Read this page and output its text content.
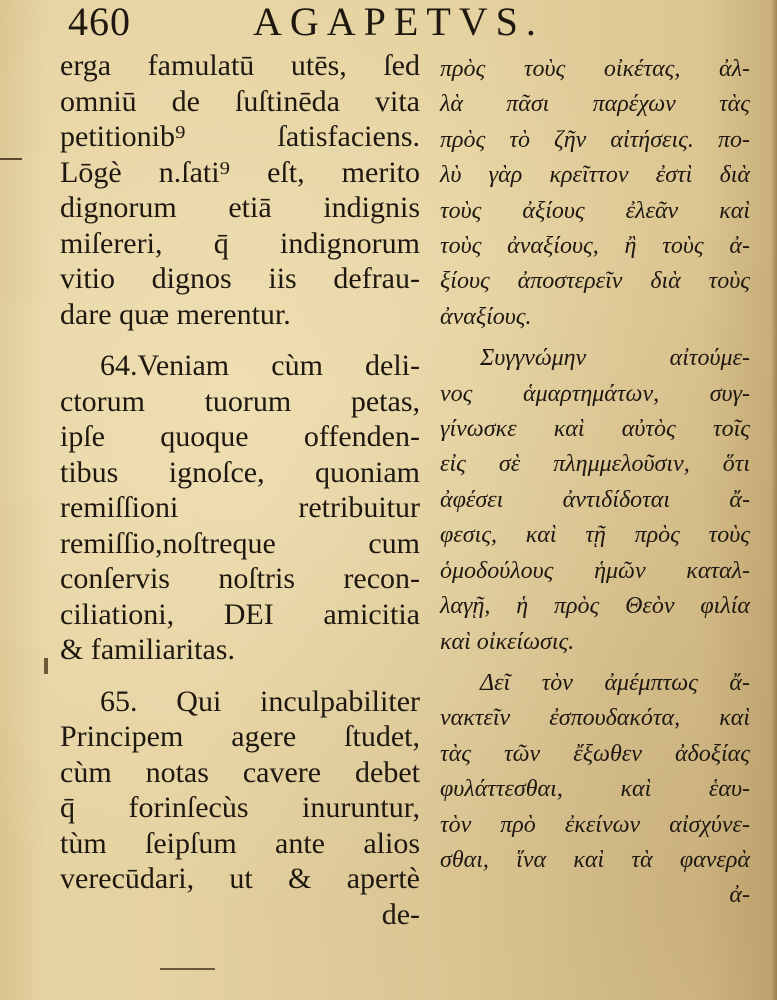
460	AGAPETVS.
erga famulatū utēs, ſed
omniū de ſuſtinēda vita
petitionib⁹ ſatisfaciens.
Lōgè n.ſati⁹ eſt, merito
dignorum etiā indignis
miſereri, q̄ indignorum
vitio dignos iis defrau-
dare quæ merentur.
64.Veniam cùm deli-
ctorum tuorum petas,
ipſe quoque offenden-
tibus ignoſce, quoniam
remiſſioni retribuitur
remiſſio,noſtreque cum
conſervis noſtris recon-
ciliationi, DEI amicitia
& familiaritas.
65. Qui inculpabiliter
Principem agere ſtudet,
cùm notas cavere debet
q̄ forinſecùs inuruntur,
tùm ſeipſum ante alios
verecūdari, ut & apertè
de-
πρὸς τοὺς οἰκέτας, ἀλ-
λὰ πᾶσι παρέχων τὰς
πρὸς τὸ ζῆν αἰτήσεις. πο-
λὺ γὰρ κρεῖττον ἐστὶ διὰ
τοὺς ἀξίους ἐλεᾶν καὶ
τοὺς ἀναξίους, ἢ τοὺς ἀ-
ξίους ἀποστερεῖν διὰ τοὺς
ἀναξίους.
Συγγνώμην αἰτούμε-
νος ἁμαρτημάτων, συγ-
γίνωσκε καὶ αὐτὸς τοῖς
εἰς σὲ πλημμελοῦσιν, ὅτι
ἀφέσει ἀντιδίδοται ἄ-
φεσις, καὶ τῇ πρὸς τοὺς
ὁμοδούλους ἡμῶν καταλ-
λαγῇ, ἡ πρὸς Θεὸν φιλία
καὶ οἰκείωσις.
Δεῖ τὸν ἀμέμπτως ἄ-
νακτεῖν ἐσπουδακότα, καὶ
τὰς τῶν ἔξωθεν ἀδοξίας
φυλάττεσθαι, καὶ ἑαυ-
τὸν πρὸ ἐκείνων αἰσχύνε-
σθαι, ἵνα καὶ τὰ φανερὰ
ἀ-
